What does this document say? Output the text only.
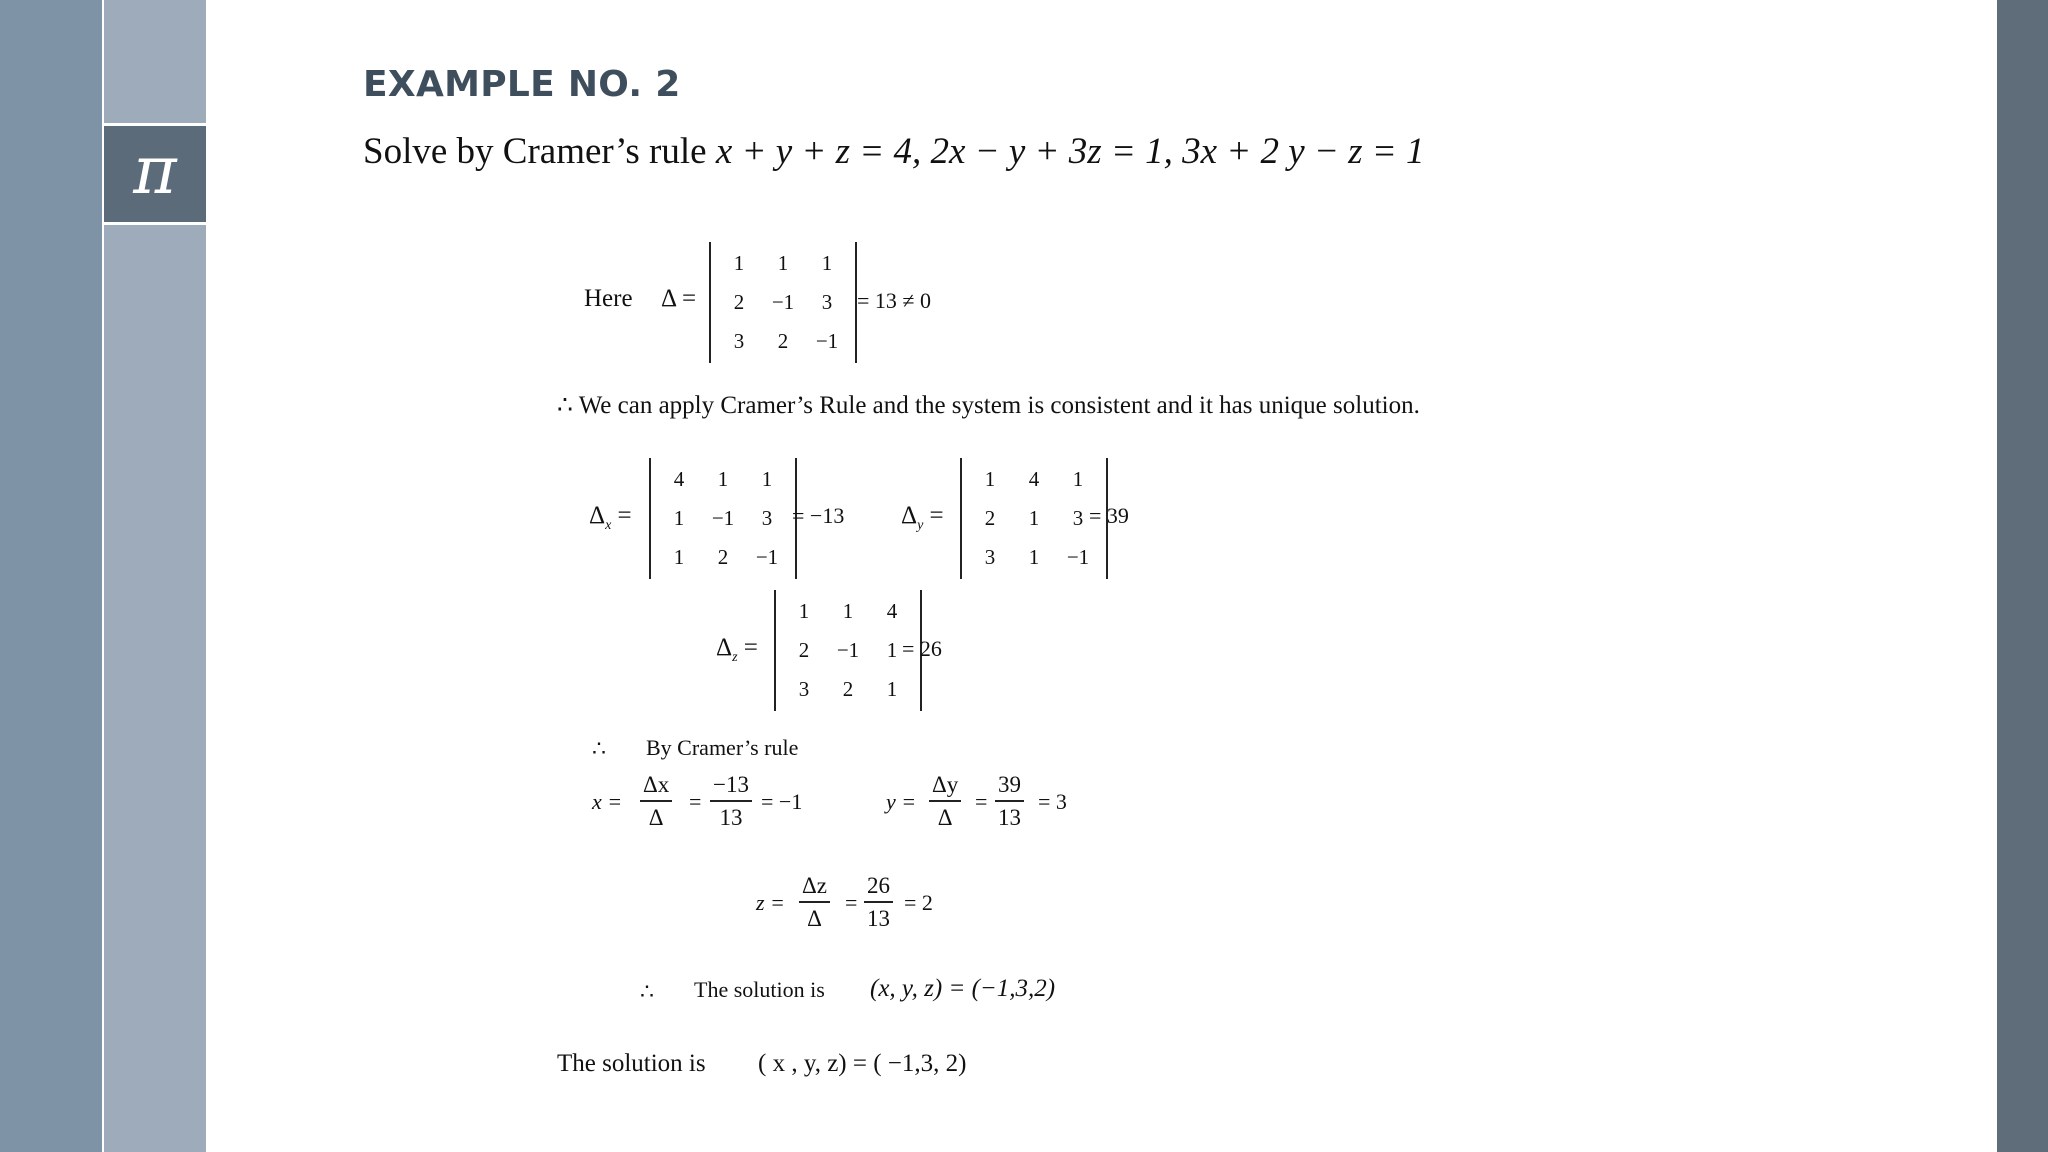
π
EXAMPLE NO. 2
Solve by Cramer’s rule x + y + z = 4, 2x − y + 3z = 1, 3x + 2 y − z = 1
Here Δ =
1	1	1
2	−1	3
3	2	−1
= 13 ≠ 0
∴ We can apply Cramer’s Rule and the system is consistent and it has unique solution.
$\Delta_x$ =
4	1	1
1	−1	3
1	2	−1
= −13 $\Delta_y$ =
1	4	1
2	1	3
3	1	−1
= 39
$\Delta_z$ =
1	1	4
2	−1	1
3	2	1
= 26
∴ By Cramer’s rule
$x = \frac{\Delta x}{\Delta} = \frac{-13}{13} = -1$	$y = \frac{\Delta y}{\Delta} = \frac{39}{13} = 3$
$z = \frac{\Delta z}{\Delta} = \frac{26}{13} = 2$
∴ The solution is (x, y, z) = (−1,3,2)
The solution is ( x , y, z) = ( −1,3, 2)
